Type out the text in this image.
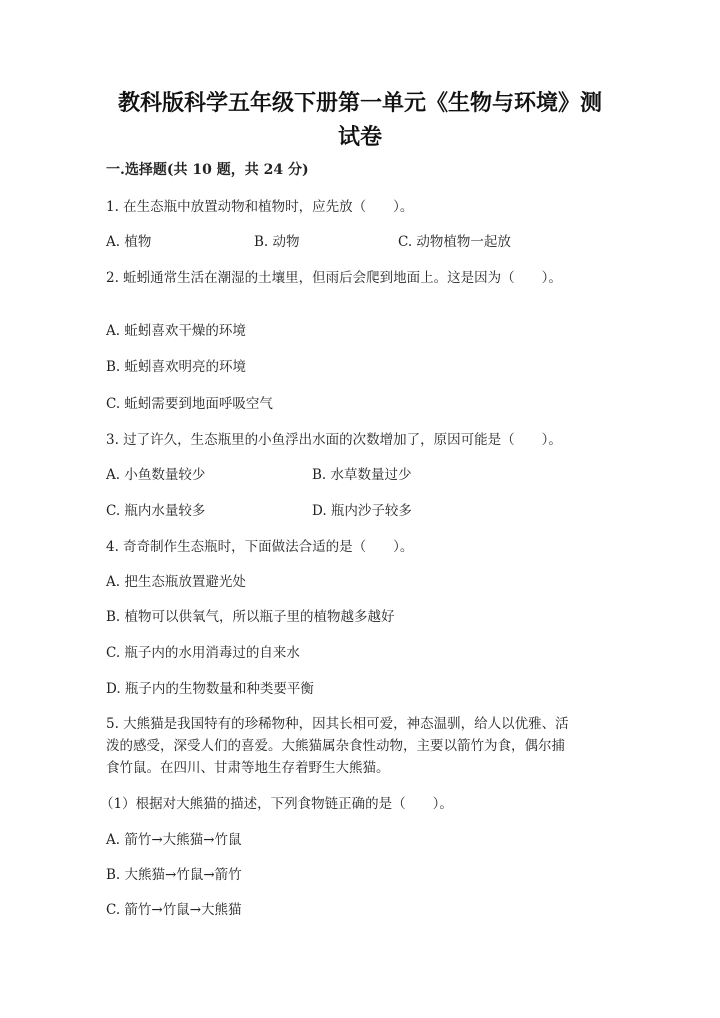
教科版科学五年级下册第一单元《生物与环境》测
试卷
一.选择题(共 10 题，共 24 分)
1. 在生态瓶中放置动物和植物时，应先放（　　）。
A. 植物	B. 动物	C. 动物植物一起放
2. 蚯蚓通常生活在潮湿的土壤里，但雨后会爬到地面上。这是因为（　　）。
A. 蚯蚓喜欢干燥的环境
B. 蚯蚓喜欢明亮的环境
C. 蚯蚓需要到地面呼吸空气
3. 过了许久，生态瓶里的小鱼浮出水面的次数增加了，原因可能是（　　）。
A. 小鱼数量较少	B. 水草数量过少
C. 瓶内水量较多	D. 瓶内沙子较多
4. 奇奇制作生态瓶时，下面做法合适的是（　　）。
A. 把生态瓶放置避光处
B. 植物可以供氧气，所以瓶子里的植物越多越好
C. 瓶子内的水用消毒过的自来水
D. 瓶子内的生物数量和种类要平衡
5. 大熊猫是我国特有的珍稀物种，因其长相可爱，神态温驯，给人以优雅、活
泼的感受，深受人们的喜爱。大熊猫属杂食性动物，主要以箭竹为食，偶尔捕
食竹鼠。在四川、甘肃等地生存着野生大熊猫。
（1）根据对大熊猫的描述，下列食物链正确的是（　　）。
A. 箭竹→大熊猫→竹鼠
B. 大熊猫→竹鼠→箭竹
C. 箭竹→竹鼠→大熊猫
